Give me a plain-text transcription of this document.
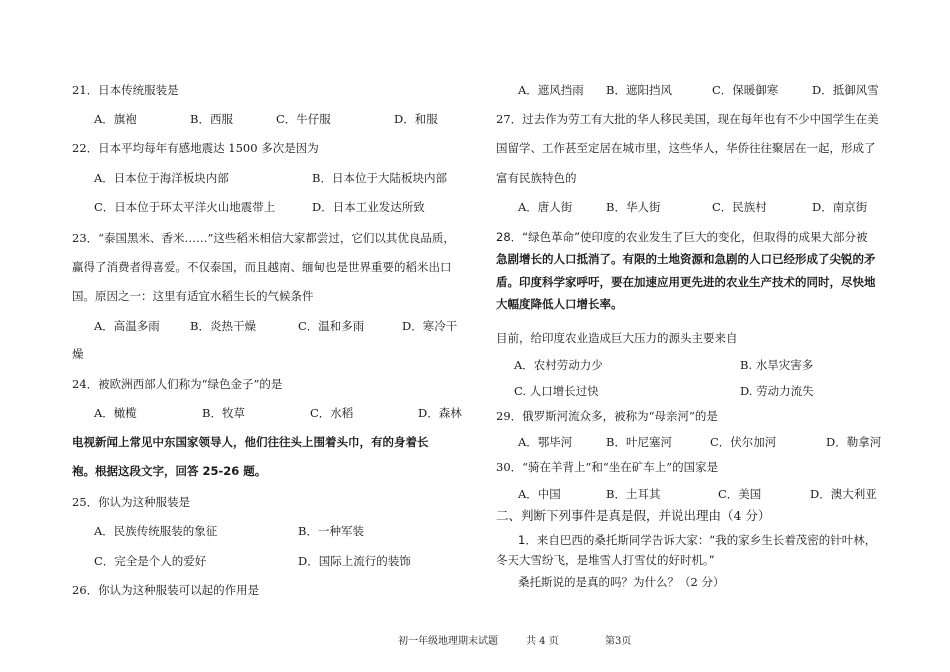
21．日本传统服装是
A．旗袍	B．西服	C．牛仔服	D．和服
22．日本平均每年有感地震达 1500 多次是因为
A．日本位于海洋板块内部	B．日本位于大陆板块内部
C．日本位于环太平洋火山地震带上	D．日本工业发达所致
23．“泰国黑米、香米……”这些稻米相信大家都尝过，它们以其优良品质，
赢得了消费者得喜爱。不仅泰国，而且越南、缅甸也是世界重要的稻米出口
国。原因之一：这里有适宜水稻生长的气候条件
A．高温多雨	B．炎热干燥	C．温和多雨	D．寒冷干
燥
24．被欧洲西部人们称为“绿色金子”的是
A．橄榄	B．牧草	C．水稻	D．森林
电视新闻上常见中东国家领导人，他们往往头上围着头巾，有的身着长
袍。根据这段文字，回答 25-26 题。
25．你认为这种服装是
A．民族传统服装的象征	B．一种军装
C．完全是个人的爱好	D．国际上流行的装饰
26．你认为这种服装可以起的作用是
A．遮风挡雨 B．遮阳挡风	C．保暖御寒	D．抵御风雪
27．过去作为劳工有大批的华人移民美国，现在每年也有不少中国学生在美
国留学、工作甚至定居在城市里，这些华人，华侨往往聚居在一起，形成了
富有民族特色的
A．唐人街	B．华人街	C．民族村	D．南京街
28．“绿色革命”使印度的农业发生了巨大的变化，但取得的成果大部分被
急剧增长的人口抵消了。有限的土地资源和急剧的人口已经形成了尖锐的矛
盾。印度科学家呼吁，要在加速应用更先进的农业生产技术的同时，尽快地
大幅度降低人口增长率。
目前，给印度农业造成巨大压力的源头主要来自
A．农村劳动力少	B. 水旱灾害多
C. 人口增长过快	D. 劳动力流失
29．俄罗斯河流众多，被称为“母亲河”的是
A．鄂毕河	B．叶尼塞河	C．伏尔加河	D．勒拿河
30．“骑在羊背上”和“坐在矿车上”的国家是
A．中国	B．土耳其	C．美国	D．澳大利亚
二、判断下列事件是真是假，并说出理由（4 分）
1．来自巴西的桑托斯同学告诉大家：“我的家乡生长着茂密的针叶林，
冬天大雪纷飞，是堆雪人打雪仗的好时机。”
桑托斯说的是真的吗？为什么？（2 分）
初一年级地理期末试题	共 4 页	第3页
